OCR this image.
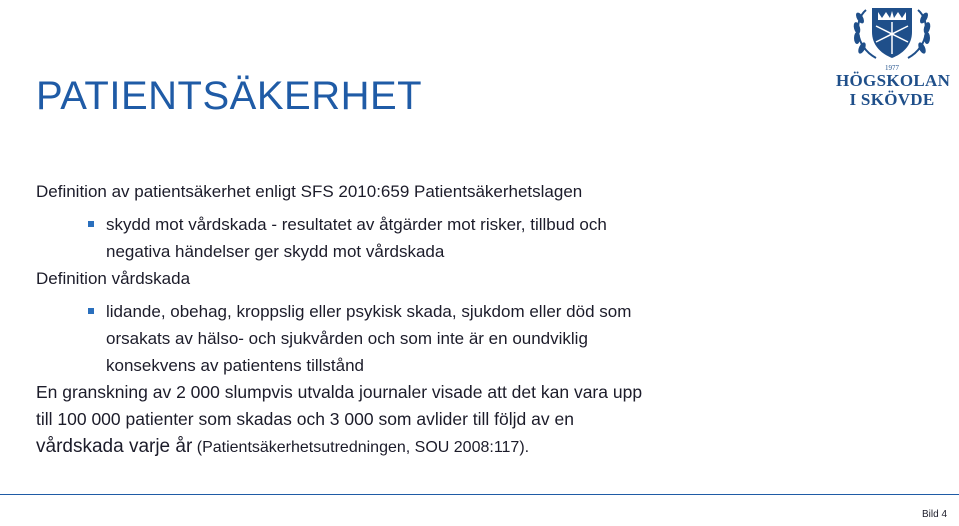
PATIENTSÄKERHET
1977
HÖGSKOLAN
I SKÖVDE

Definition av patientsäkerhet enligt SFS 2010:659 Patientsäkerhetslagen

skydd mot vårdskada - resultatet av åtgärder mot risker, tillbud och
negativa händelser ger skydd mot vårdskada

Definition vårdskada

lidande, obehag, kroppslig eller psykisk skada, sjukdom eller död som
orsakats av hälso- och sjukvården och som inte är en oundviklig
konsekvens av patientens tillstånd

En granskning av 2 000 slumpvis utvalda journaler visade att det kan vara upp

till 100 000 patienter som skadas och 3 000 som avlider till följd av en

vårdskada varje år (Patientsäkerhetsutredningen, SOU 2008:117).

Bild 4
